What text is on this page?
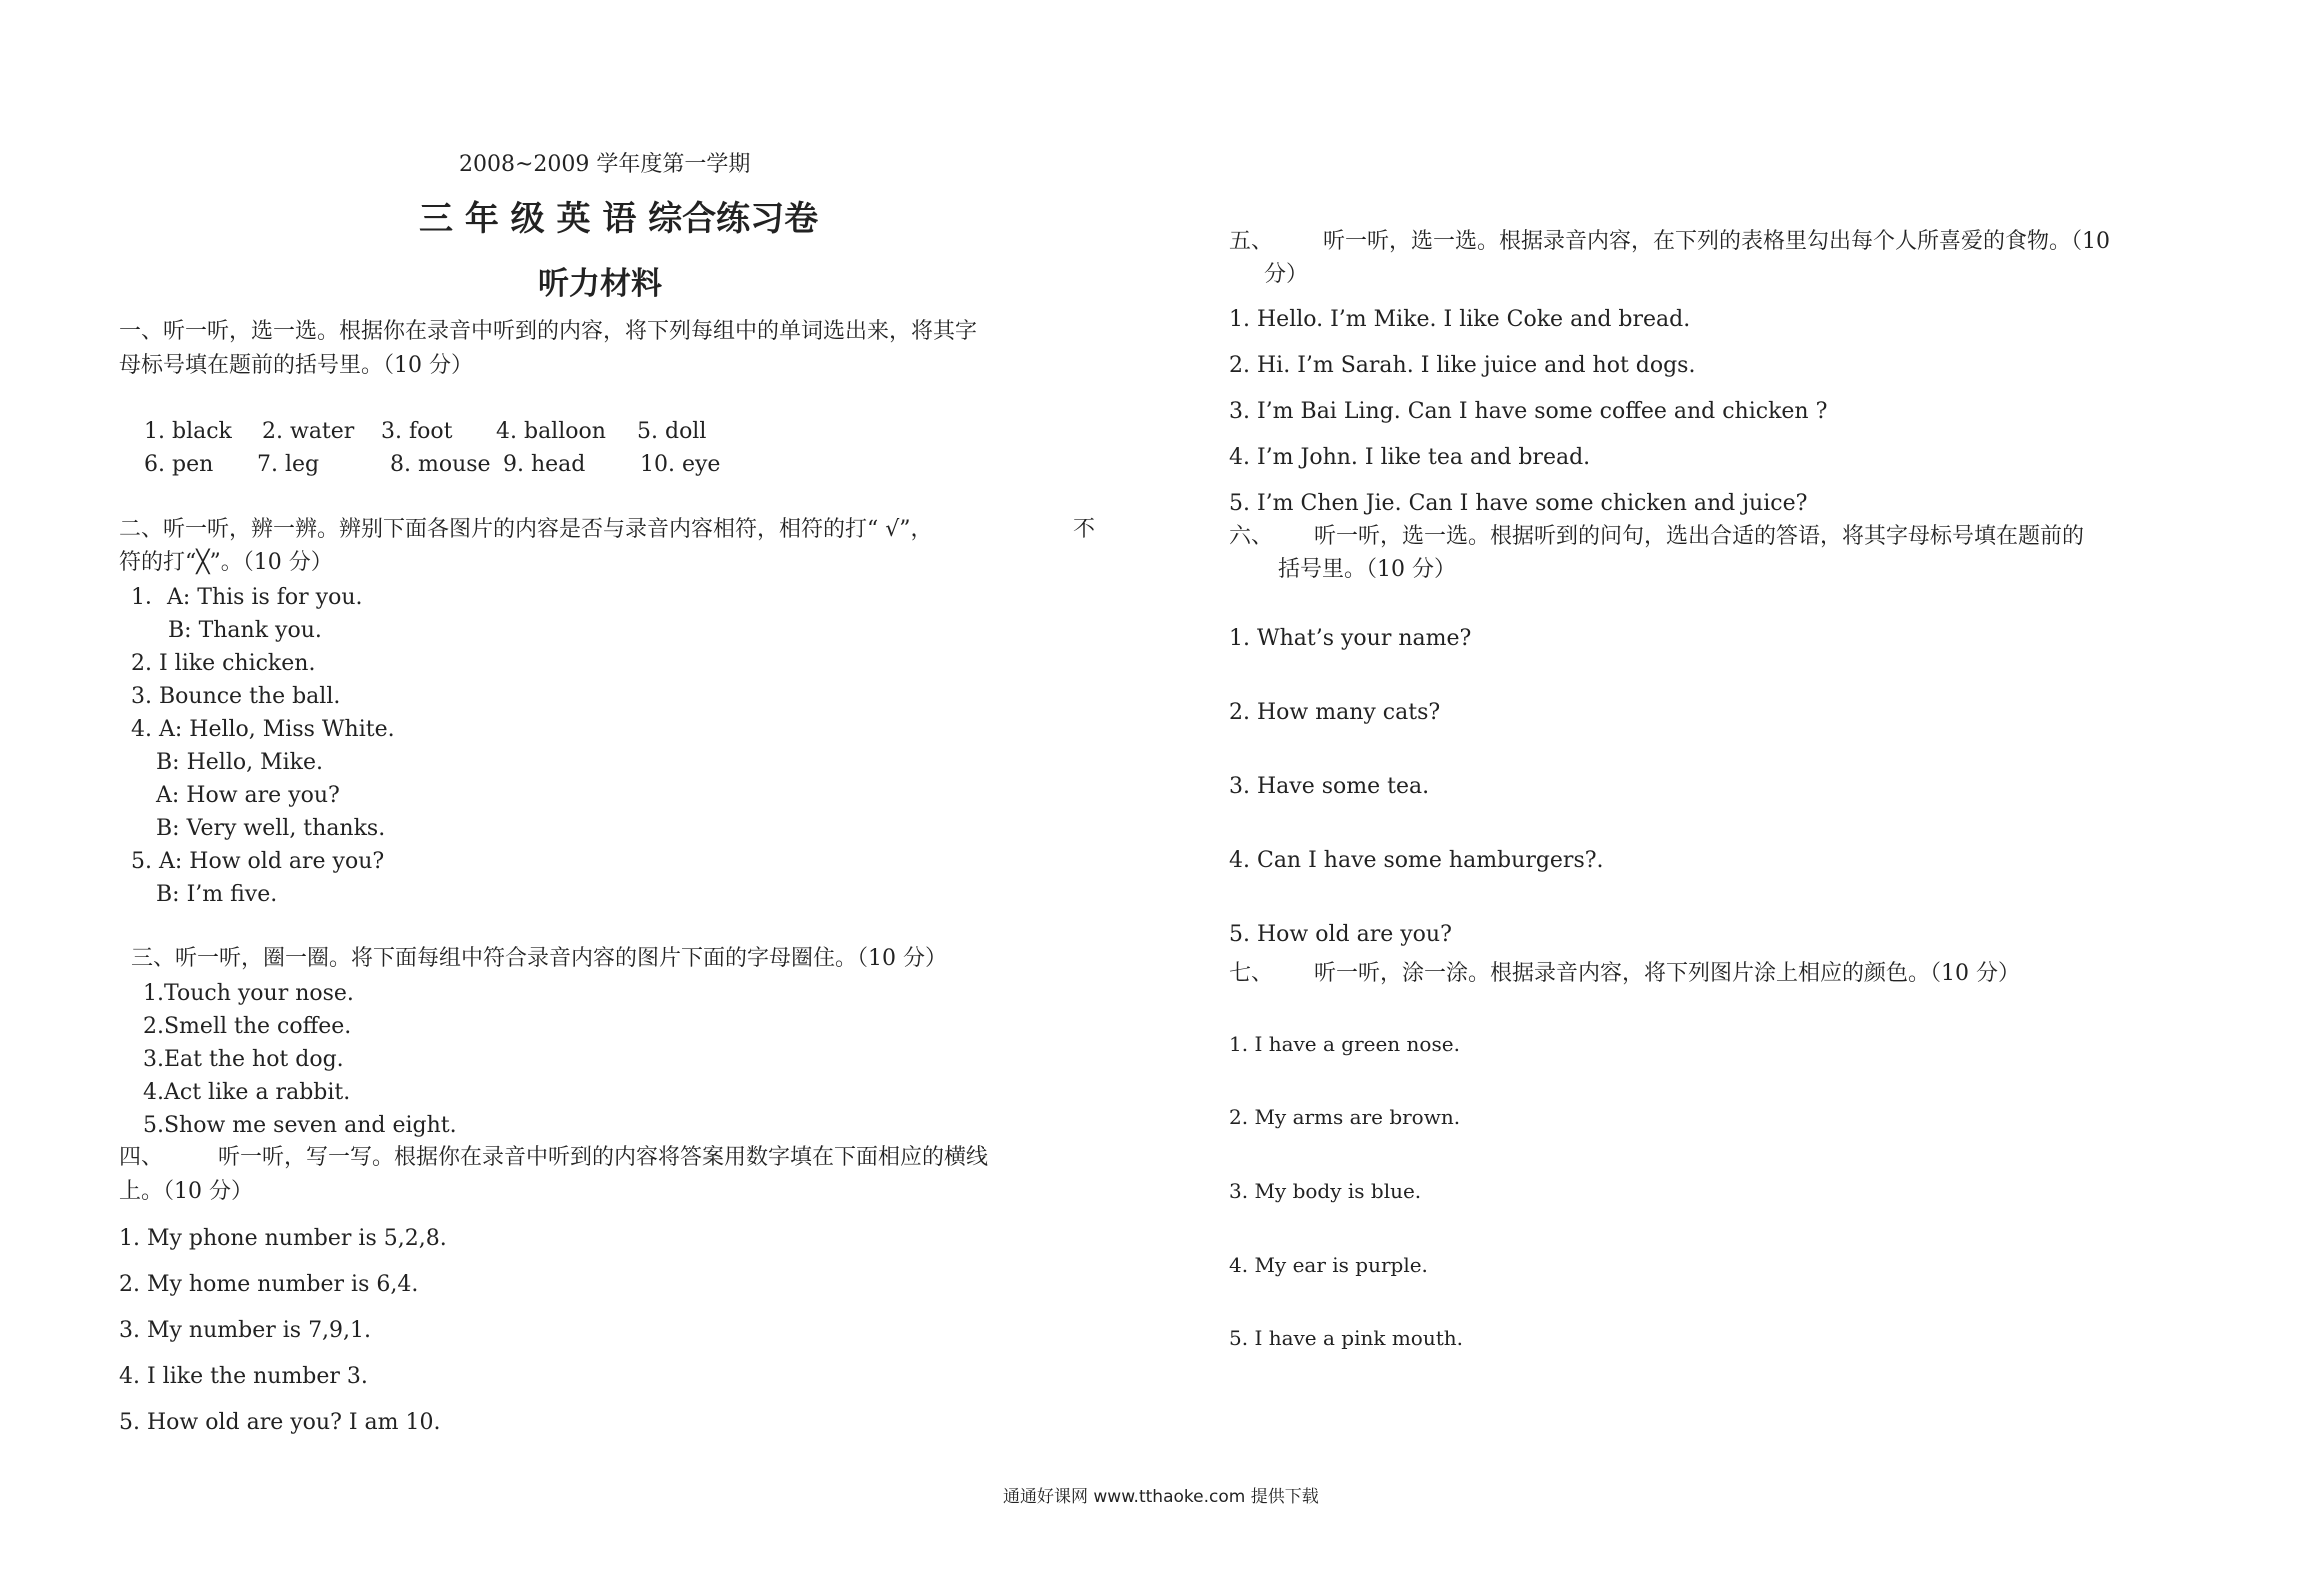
2008~2009 学年度第一学期
三 年 级 英 语 综合练习卷
听力材料
一、听一听，选一选。根据你在录音中听到的内容，将下列每组中的单词选出来，将其字
母标号填在题前的括号里。（10 分）
1. black 2. water 3. foot 4. balloon 5. doll
6. pen 7. leg	8. mouse 9. head 10. eye
二、听一听，辨一辨。辨别下面各图片的内容是否与录音内容相符，相符的打“ √”，	不
符的打“╳”。（10 分）
1．A: This is for you.
B: Thank you.
2. I like chicken.
3. Bounce the ball.
4. A: Hello, Miss White.
B: Hello, Mike.
A: How are you?
B: Very well, thanks.
5. A: How old are you?
B: I’m five.
三、听一听，圈一圈。将下面每组中符合录音内容的图片下面的字母圈住。（10 分）
1.Touch your nose.
2.Smell the coffee.
3.Eat the hot dog.
4.Act like a rabbit.
5.Show me seven and eight.
四、 听一听，写一写。根据你在录音中听到的内容将答案用数字填在下面相应的横线
上。（10 分）
1. My phone number is 5,2,8.
2. My home number is 6,4.
3. My number is 7,9,1.
4. I like the number 3.
5. How old are you? I am 10.
五、 听一听，选一选。根据录音内容，在下列的表格里勾出每个人所喜爱的食物。（10
分）
1. Hello. I’m Mike. I like Coke and bread.
2. Hi. I’m Sarah. I like juice and hot dogs.
3. I’m Bai Ling. Can I have some coffee and chicken ?
4. I’m John. I like tea and bread.
5. I’m Chen Jie. Can I have some chicken and juice?
六、 听一听，选一选。根据听到的问句，选出合适的答语，将其字母标号填在题前的
括号里。（10 分）
1. What’s your name?
2. How many cats?
3. Have some tea.
4. Can I have some hamburgers?.
5. How old are you?
七、 听一听，涂一涂。根据录音内容，将下列图片涂上相应的颜色。（10 分）
1. I have a green nose.
2. My arms are brown.
3. My body is blue.
4. My ear is purple.
5. I have a pink mouth.
通通好课网 www.tthaoke.com 提供下载
